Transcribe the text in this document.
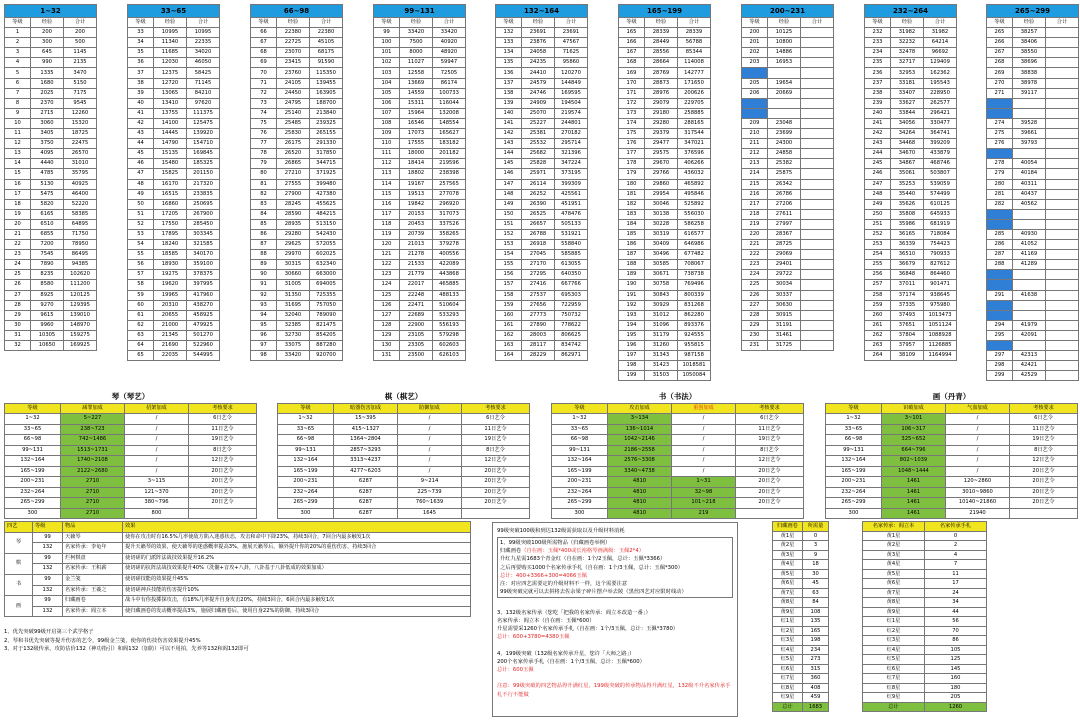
1~32		
等级	经验	合计
1	200	200
2	300	500
3	645	1145
4	990	2135
5	1335	3470
6	1680	5150
7	2025	7175
8	2370	9545
9	2715	12260
10	3060	15320
11	3405	18725
12	3750	22475
13	4095	26570
14	4440	31010
15	4785	35795
16	5130	40925
17	5475	46400
18	5820	52220
19	6165	58385
20	6510	64895
21	6855	71750
22	7200	78950
23	7545	86495
24	7890	94385
25	8235	102620
26	8580	111200
27	8925	120125
28	9270	129395
29	9615	139010
30	9960	148970
31	10305	159275
32	10650	169925
33~65		
等级	经验	合计
33	10995	10995
34	11340	22335
35	11685	34020
36	12030	46050
37	12375	58425
38	12720	71145
39	13065	84210
40	13410	97620
41	13755	111375
42	14100	125475
43	14445	139920
44	14790	154710
45	15135	169845
46	15480	185325
47	15825	201150
48	16170	217320
49	16515	233835
50	16860	250695
51	17205	267900
52	17550	285450
53	17895	303345
54	18240	321585
55	18585	340170
56	18930	359100
57	19275	378375
58	19620	397995
59	19965	417960
60	20310	438270
61	20655	458925
62	21000	479925
63	21345	501270
64	21690	522960
65	22035	544995
66~98		
等级	经验	合计
66	22380	22380
67	22725	45105
68	23070	68175
69	23415	91590
70	23760	115350
71	24105	139455
72	24450	163905
73	24795	188700
74	25140	213840
75	25485	239325
76	25830	265155
77	26175	291330
78	26520	317850
79	26865	344715
80	27210	371925
81	27555	399480
82	27900	427380
83	28245	455625
84	28590	484215
85	28935	513150
86	29280	542430
87	29625	572055
88	29970	602025
89	30315	632340
90	30660	663000
91	31005	694005
92	31350	725355
93	31695	757050
94	32040	789090
95	32385	821475
96	32730	854205
97	33075	887280
98	33420	920700
99~131		
等级	经验	合计
99	33420	33420
100	7500	40920
101	8000	48920
102	11027	59947
103	12558	72505
104	13669	86174
105	14559	100733
106	15311	116044
107	15964	132008
108	16546	148554
109	17073	165627
110	17555	183182
111	18000	201182
112	18414	219596
113	18802	238398
114	19167	257565
115	19513	277078
116	19842	296920
117	20153	317073
118	20453	337526
119	20739	358265
120	21013	379278
121	21278	400556
122	21533	422089
123	21779	443868
124	22017	465885
125	22248	488133
126	22471	510604
127	22689	533293
128	22900	556193
129	23105	579298
130	23305	602603
131	23500	626103
132~164		
等级	经验	合计
132	23691	23691
133	23876	47567
134	24058	71625
135	24235	95860
136	24410	120270
137	24579	144849
138	24746	169595
139	24909	194504
140	25070	219574
141	25227	244801
142	25381	270182
143	25532	295714
144	25682	321396
145	25828	347224
146	25971	373195
147	26114	399309
148	26252	425561
149	26390	451951
150	26525	478476
151	26657	505133
152	26788	531921
153	26918	558840
154	27045	585885
155	27170	613055
156	27295	640350
157	27416	667766
158	27537	695303
159	27656	722959
160	27773	750732
161	27890	778622
162	28003	806625
163	28117	834742
164	28229	862971
165~199		
等级	经验	合计
165	28339	28339
166	28449	56788
167	28556	85344
168	28664	114008
169	28769	142777
170	28873	171650
171	28976	200626
172	29079	229705
173	29180	258885
174	29280	288165
175	29379	317544
176	29477	347021
177	29575	376596
178	29670	406266
179	29766	436032
180	29860	465892
181	29954	495846
182	30046	525892
183	30138	556030
184	30228	586258
185	30319	616577
186	30409	646986
187	30496	677482
188	30585	708067
189	30671	738738
190	30758	769496
191	30843	800339
192	30929	831268
193	31012	862280
194	31096	893376
195	31179	924555
196	31260	955815
197	31343	987158
198	31423	1018581
199	31503	1050084
200~231		
等级	经验	合计
200	10125	
201	10800	
202	14886	
203	16953	
204		
205	19654	
206	20669	
207		
208		
209	23048	
210	23699	
211	24300	
212	24858	
213	25382	
214	25875	
215	26342	
216	26786	
217	27206	
218	27611	
219	27997	
220	28367	
221	28725	
222	29069	
223	29401	
224	29722	
225	30034	
226	30337	
227	30630	
228	30915	
229	31191	
230	31461	
231	31725	
232~264		
等级	经验	合计
232	31982	31982
233	32232	64214
234	32478	96692
235	32717	129409
236	32953	162362
237	33181	195543
238	33407	228950
239	33627	262577
240	33844	296421
241	34056	330477
242	34264	364741
243	34468	399209
244	34670	433879
245	34867	468746
246	35061	503807
247	35253	539059
248	35440	574499
249	35626	610125
250	35808	645933
251	35986	681919
252	36165	718084
253	36339	754423
254	36510	790933
255	36679	827612
256	36848	864460
257	37011	901471
258	37174	938645
259	37335	975980
260	37493	1013473
261	37651	1051124
262	37804	1088928
263	37957	1126885
264	38109	1164994
265~299		
等级	经验	合计
265	38257	
266	38406	
267	38550	
268	38696	
269	38838	
270	38978	
271	39117	
272		
273		
274	39528	
275	39661	
276	39793	
277		
278	40054	
279	40184	
280	40311	
281	40437	
282	40562	
283		
284		
285	40930	
286	41052	
287	41169	
288	41289	
289		
290		
291	41638	
292		
293		
294	41979	
295	42091	
296		
297	42313	
298	42421	
299	42529	
琴（琴艺）			
等级	减罪加成	招架加成	考核要求
1~32	5~227	/	6日艺令
33~65	238~723	/	11日艺令
66~98	742~1486	/	19日艺令
99~131	1513~1731	/	8日艺令
132~164	1740~2108	/	12日艺令
165~199	2122~2680	/	20日艺令
200~231	2710	3~115	20日艺令
232~264	2710	121~370	20日艺令
265~299	2710	380~796	20日艺令
300	2710	800	
棋（棋艺）			
等级	暗器伤害加成	防御加成	考核要求
1~32	15~395	/	6日艺令
33~65	415~1327	/	11日艺令
66~98	1364~2804	/	19日艺令
99~131	2857~3293	/	8日艺令
132~164	3313~4237	/	12日艺令
165~199	4277~6203	/	20日艺令
200~231	6287	9~214	20日艺令
232~264	6287	225~739	20日艺令
265~299	6287	760~1639	20日艺令
300	6287	1645	
书（书法）			
等级	攻击加成	重创加成	考核要求
1~32	3~134	/	6日艺令
33~65	136~1014	/	11日艺令
66~98	1042~2146	/	19日艺令
99~131	2186~2558	/	8日艺令
132~164	2576~3308	/	12日艺令
165~199	3340~4738	/	20日艺令
200~231	4810	1~31	20日艺令
232~264	4810	32~98	20日艺令
265~299	4810	101~218	20日艺令
300	4810	219	
画（丹青）			
等级	识破加成	气血加成	考核要求
1~32	3~101	/	6日艺令
33~65	106~317	/	11日艺令
66~98	325~652	/	19日艺令
99~131	664~796	/	8日艺令
132~164	802~1039	/	12日艺令
165~199	1048~1444	/	20日艺令
200~231	1461	120~2860	20日艺令
232~264	1461	3010~9860	20日艺令
265~299	1461	10140~21860	20日艺令
300	1461	21940	
四艺	等级	物品	效果
琴	99	天籁琴	使你在攻击时有16.5%几率使敌方陷入迷惑状态，攻击和命中下降23%，持续3回合，7回合内最多触发1次
	132	名家传承：李龟年	提升天籁琴的效果，使天籁琴的迷惑概率提高3%，施展天籁琴后，额外提升你的20%的重伤伤害，持续3回合
棋	99	烂柯棋盘	使切磋的门派阵法战技效果提升16.2%
	132	名家传承：王积薪	使切磋的抗阵法战技效果提升40%（洗髓+音攻+八卦，八卦基于八卦低成的效果加成）
书	99	金兰笺	使切磋技能的效果提升45%
	132	名家传承：王羲之	使切磋神兵技能的伤害提升10%
画	99	归藏画卷	战斗中有你投掷探攻击，有18%几率提升自身攻击20%，持续3回合，6回合内最多触发1次
	132	名家传承：阎立本	使归藏画卷的发动概率提高3%，施展归藏画卷后，使用自身22%的防御，持续3回合
1、优先突破99级开启第三个武学格子
2、琴和书优先突破等提升伤害的艺令，99级金兰笺，使你的伤技伤害效果提升45%
3、对于132级传承，攻防估价132（神功指引）和阁132（加防）可以不用拍，先养等132和阁132即可
99级突破100级和到达132级需获取以及升级材料消耗
1、99级突破100级所需物品（归藏画卷举例）
归藏画卷（自在画：玉佩*400或长裕格琴画满级：玉佩2*4）
升红九星需1683个青金红（自在画：1个/2玉佩，总计：玉佩*3366）
之后再要购买1000个名家传承手札（自在画：1个/3玉佩，总计：玉佩*300）
总计：400+3366+300=4066玉佩
注：对应四艺需要定的升级材料不一样，这个需要注意
99级突破完就可以去拼将去佐余梁子碎片摆卢举去陵（黑丝四艺对应限时线动）
3、132级名家传承（您吃「把我的名家传承：阎立本改造一番」）
名家传承：阎立本（自在画：玉佩*600）
升星需要采1260个名家传承手札（自在画：1个/3玉佩，总计：玉佩*3780）
总计：600+3780=4380玉佩
4、199级突破（132级名家传承升星，您许「大师之路」）
200个名家传承手札（自在画：1个/3玉佩，总计：玉佩*600）
总计：600玉佩
注意：99级突破的四艺物品得升满红星，199级突破的传承物品得升满红星，132级不升名家传承手札不行不能做
归藏画卷	所需量
黄1星	0
黄2星	3
黄3星	9
黄4星	18
黄5星	30
黄6星	45
黄7星	63
黄8星	84
黄9星	108
红1星	135
红2星	165
红3星	198
红4星	234
红5星	273
红6星	315
红7星	360
红8星	408
红9星	459
总计	1683
名家传承：阎立本	名家传承手札
黄1星	0
黄2星	2
黄3星	4
黄4星	7
黄5星	11
黄6星	17
黄7星	24
黄8星	34
黄9星	44
红1星	56
红2星	70
红3星	86
红4星	105
红5星	125
红6星	145
红7星	160
红8星	180
红9星	205
总计	1260
